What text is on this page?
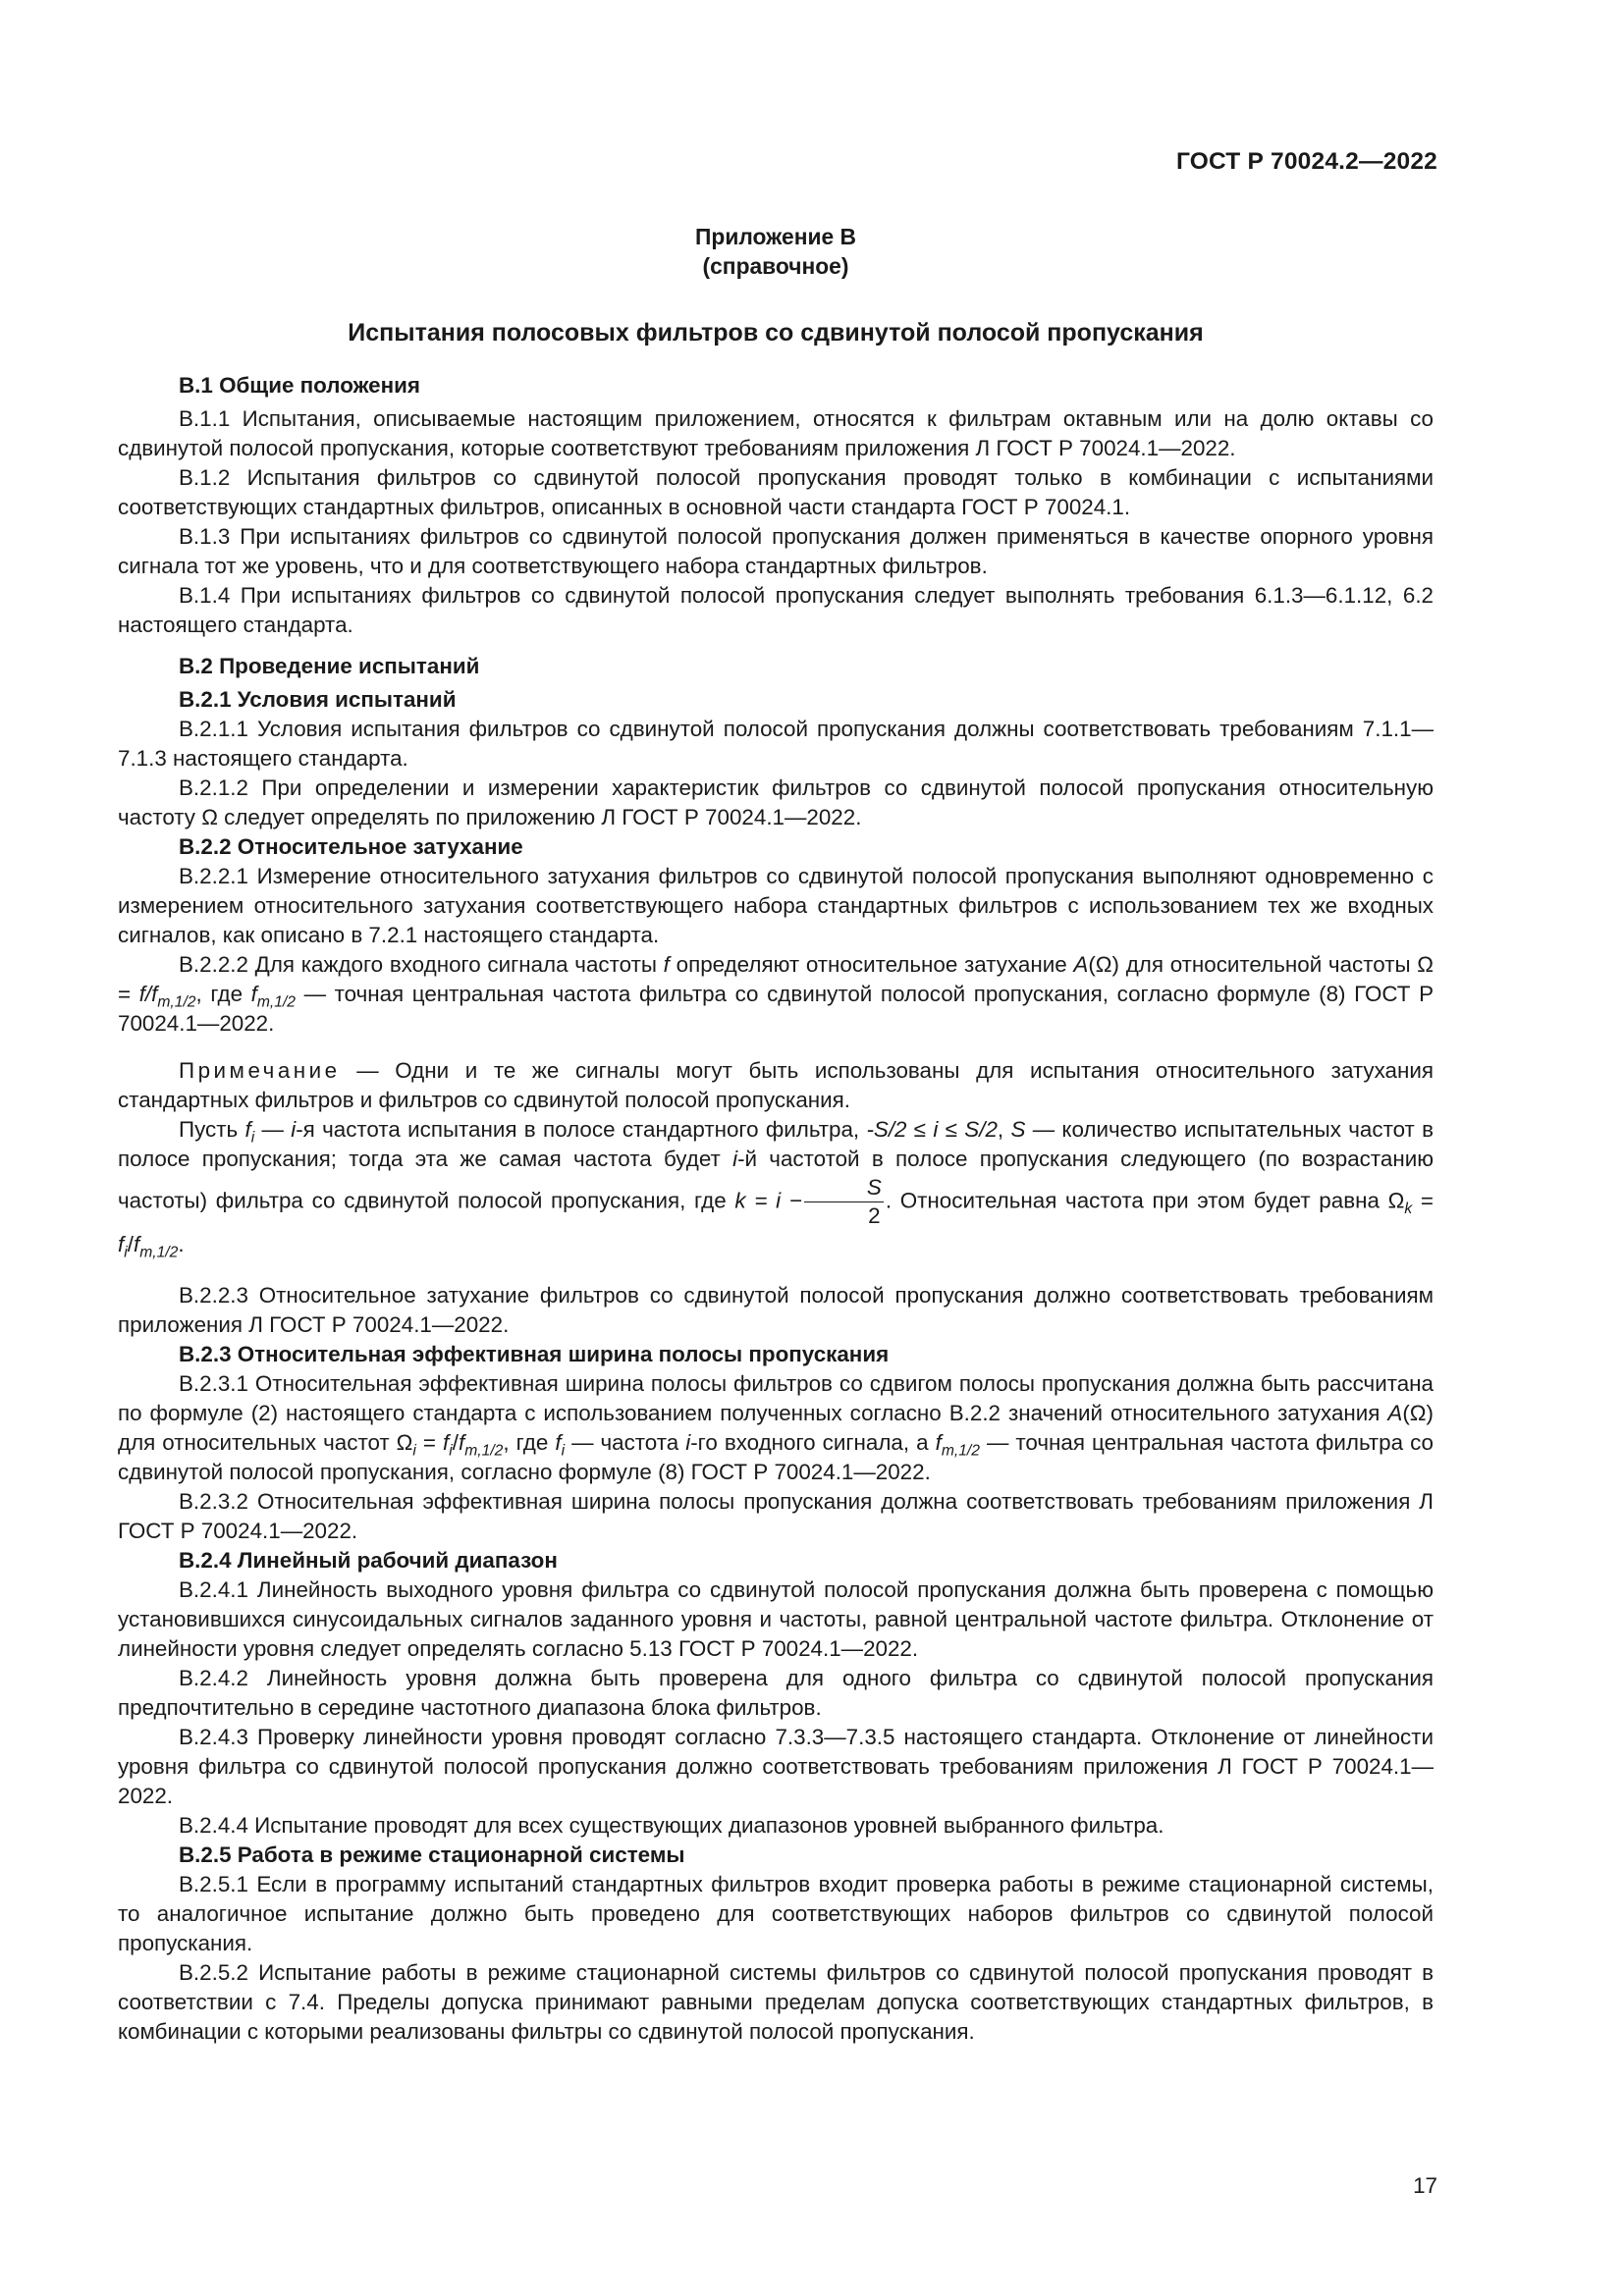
ГОСТ Р 70024.2—2022
Приложение В
(справочное)
Испытания полосовых фильтров со сдвинутой полосой пропускания
В.1 Общие положения

В.1.1 Испытания, описываемые настоящим приложением, относятся к фильтрам октавным или на долю октавы со сдвинутой полосой пропускания, которые соответствуют требованиям приложения Л ГОСТ Р 70024.1—2022.

В.1.2 Испытания фильтров со сдвинутой полосой пропускания проводят только в комбинации с испытаниями соответствующих стандартных фильтров, описанных в основной части стандарта ГОСТ Р 70024.1.

В.1.3 При испытаниях фильтров со сдвинутой полосой пропускания должен применяться в качестве опорного уровня сигнала тот же уровень, что и для соответствующего набора стандартных фильтров.

В.1.4 При испытаниях фильтров со сдвинутой полосой пропускания следует выполнять требования 6.1.3—6.1.12, 6.2 настоящего стандарта.

В.2 Проведение испытаний
В.2.1 Условия испытаний

В.2.1.1 Условия испытания фильтров со сдвинутой полосой пропускания должны соответствовать требованиям 7.1.1—7.1.3 настоящего стандарта.

В.2.1.2 При определении и измерении характеристик фильтров со сдвинутой полосой пропускания относительную частоту Ω следует определять по приложению Л ГОСТ Р 70024.1—2022.

В.2.2 Относительное затухание

В.2.2.1 Измерение относительного затухания фильтров со сдвинутой полосой пропускания выполняют одновременно с измерением относительного затухания соответствующего набора стандартных фильтров с использованием тех же входных сигналов, как описано в 7.2.1 настоящего стандарта.

В.2.2.2 Для каждого входного сигнала частоты f определяют относительное затухание A(Ω) для относительной частоты $\Omega = f/f_{m,1/2}$, где $f_{m,1/2}$ — точная центральная частота фильтра со сдвинутой полосой пропускания, согласно формуле (8) ГОСТ Р 70024.1—2022.

Примечание — Одни и те же сигналы могут быть использованы для испытания относительного затухания стандартных фильтров и фильтров со сдвинутой полосой пропускания.

Пусть $f_i$ — i-я частота испытания в полосе стандартного фильтра, -S/2 ≤ i ≤ S/2, S — количество испытательных частот в полосе пропускания; тогда эта же самая частота будет i-й частотой в полосе пропускания следующего (по возрастанию частоты) фильтра со сдвинутой полосой пропускания, где $k = i - \frac{S}{2}$ . Относительная частота при этом будет равна $\Omega_k = f_i/f_{m,1/2}$.

В.2.2.3 Относительное затухание фильтров со сдвинутой полосой пропускания должно соответствовать требованиям приложения Л ГОСТ Р 70024.1—2022.

В.2.3 Относительная эффективная ширина полосы пропускания

В.2.3.1 Относительная эффективная ширина полосы фильтров со сдвигом полосы пропускания должна быть рассчитана по формуле (2) настоящего стандарта с использованием полученных согласно В.2.2 значений относительного затухания A(Ω) для относительных частот $\Omega_i = f_i/f_{m,1/2}$, где $f_i$ — частота i-го входного сигнала, а $f_{m,1/2}$ — точная центральная частота фильтра со сдвинутой полосой пропускания, согласно формуле (8) ГОСТ Р 70024.1—2022.

В.2.3.2 Относительная эффективная ширина полосы пропускания должна соответствовать требованиям приложения Л ГОСТ Р 70024.1—2022.

В.2.4 Линейный рабочий диапазон

В.2.4.1 Линейность выходного уровня фильтра со сдвинутой полосой пропускания должна быть проверена с помощью установившихся синусоидальных сигналов заданного уровня и частоты, равной центральной частоте фильтра. Отклонение от линейности уровня следует определять согласно 5.13 ГОСТ Р 70024.1—2022.

В.2.4.2 Линейность уровня должна быть проверена для одного фильтра со сдвинутой полосой пропускания предпочтительно в середине частотного диапазона блока фильтров.

В.2.4.3 Проверку линейности уровня проводят согласно 7.3.3—7.3.5 настоящего стандарта. Отклонение от линейности уровня фильтра со сдвинутой полосой пропускания должно соответствовать требованиям приложения Л ГОСТ Р 70024.1—2022.

В.2.4.4 Испытание проводят для всех существующих диапазонов уровней выбранного фильтра.

В.2.5 Работа в режиме стационарной системы

В.2.5.1 Если в программу испытаний стандартных фильтров входит проверка работы в режиме стационарной системы, то аналогичное испытание должно быть проведено для соответствующих наборов фильтров со сдвинутой полосой пропускания.

В.2.5.2 Испытание работы в режиме стационарной системы фильтров со сдвинутой полосой пропускания проводят в соответствии с 7.4. Пределы допуска принимают равными пределам допуска соответствующих стандартных фильтров, в комбинации с которыми реализованы фильтры со сдвинутой полосой пропускания.

17
